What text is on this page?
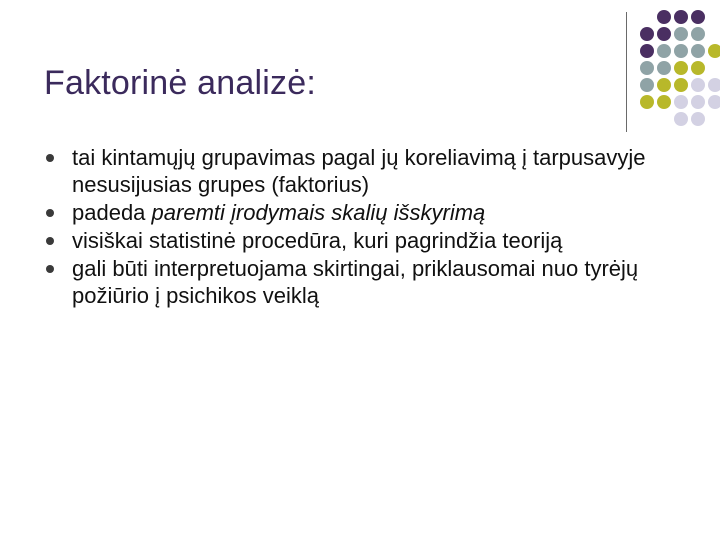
Faktorinė analizė:
tai kintamųjų grupavimas pagal jų koreliavimą į tarpusavyje nesusijusias grupes (faktorius)
padeda paremti įrodymais skalių išskyrimą
visiškai statistinė procedūra, kuri pagrindžia teoriją
gali būti interpretuojama skirtingai, priklausomai nuo tyrėjų požiūrio į psichikos veiklą
